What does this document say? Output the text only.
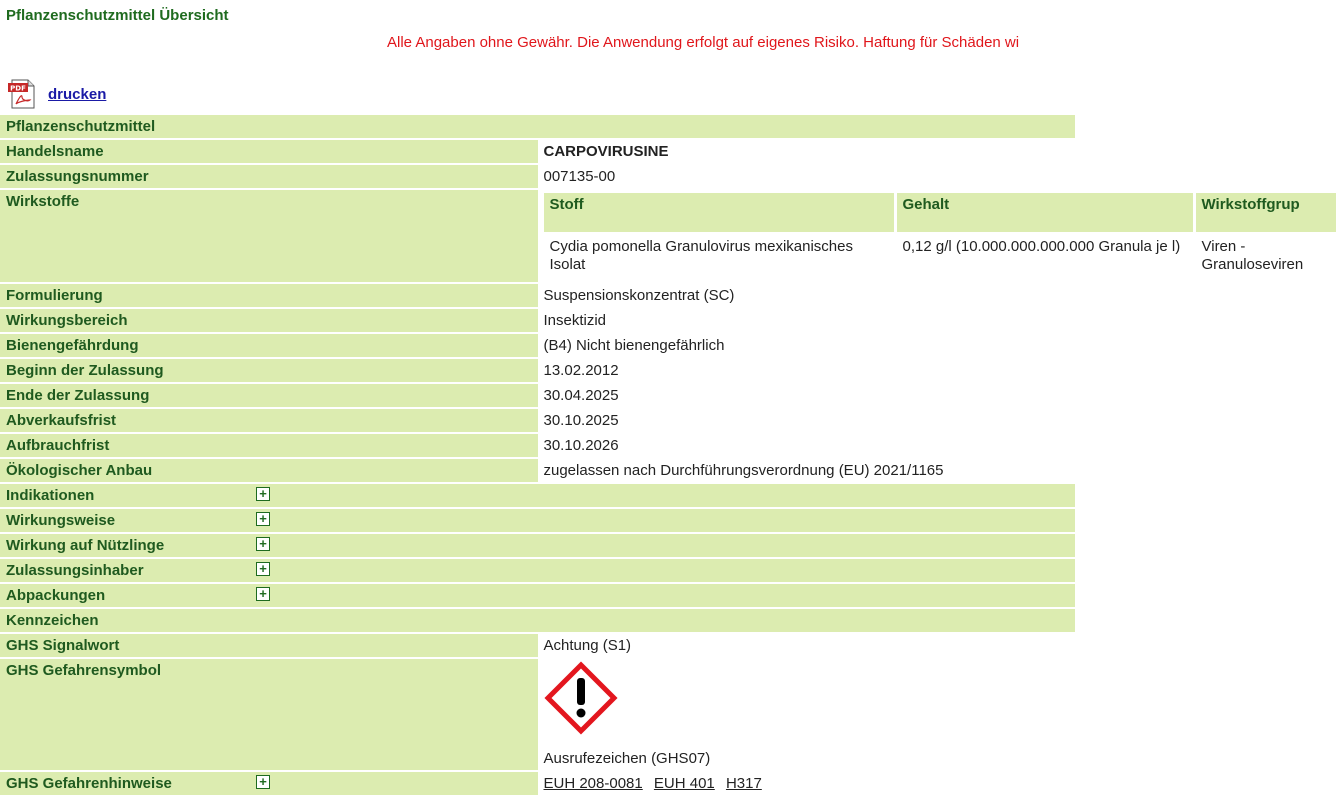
Pflanzenschutzmittel Übersicht
Alle Angaben ohne Gewähr. Die Anwendung erfolgt auf eigenes Risiko. Haftung für Schäden wi
PDF drucken
Pflanzenschutzmittel
Handelsname	CARPOVIRUSINE
Zulassungsnummer	007135-00
Wirkstoffe		Stoff	Gehalt	Wirkstoffgrup
Cydia pomonella Granulovirus mexikanisches Isolat	0,12 g/l (10.000.000.000.000 Granula je l)	Viren - Granuloseviren

Formulierung	Suspensionskonzentrat (SC)
Wirkungsbereich	Insektizid
Bienengefährdung	(B4) Nicht bienengefährlich
Beginn der Zulassung	13.02.2012
Ende der Zulassung	30.04.2025
Abverkaufsfrist	30.10.2025
Aufbrauchfrist	30.10.2026
Ökologischer Anbau	zugelassen nach Durchführungsverordnung (EU) 2021/1165
Indikationen	+

Wirkungsweise	+

Wirkung auf Nützlinge	+

Zulassungsinhaber	+

Abpackungen	+

Kennzeichen
GHS Signalwort	Achtung (S1)
GHS Gefahrensymbol	
Ausrufezeichen (GHS07)

GHS Gefahrenhinweise	+	EUH 208-0081 EUH 401 H317
